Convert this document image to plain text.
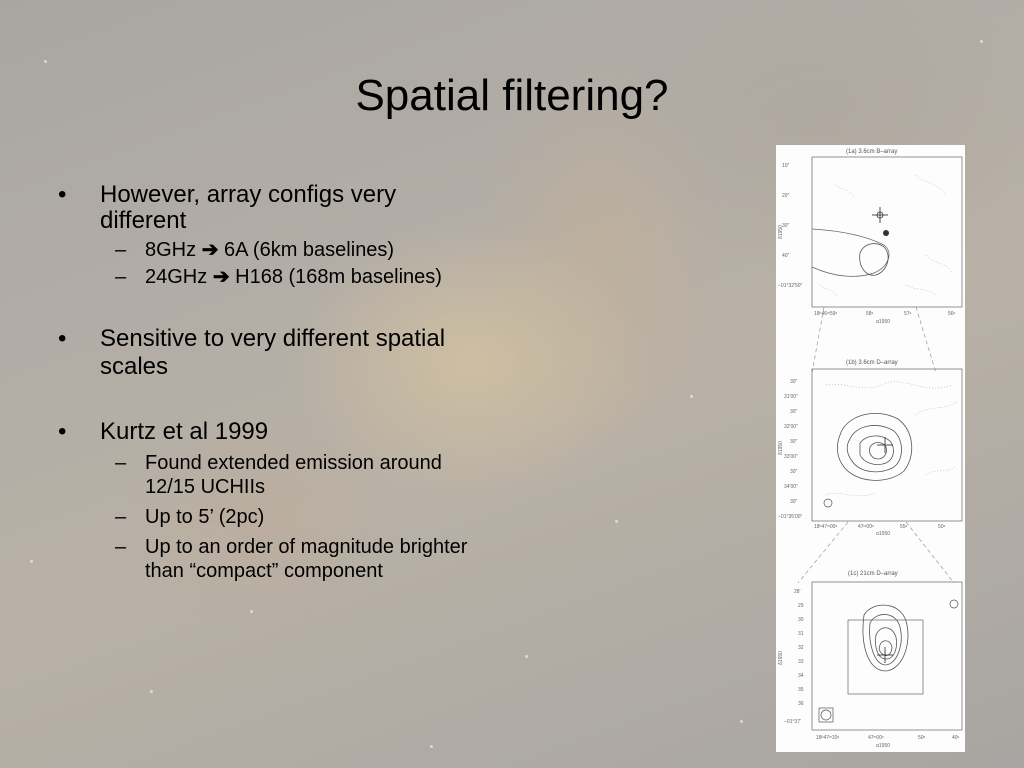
Spatial filtering?
•	However, array configs very different
– 8GHz ➔ 6A (6km baselines)
– 24GHz ➔ H168 (168m baselines)
•	Sensitive to very different spatial scales
•	Kurtz et al 1999
– Found extended emission around 12/15 UCHIIs
– Up to 5’ (2pc)
– Up to an order of magnitude brighter than “compact” component
(1a) 3.6cm B–array
10″
20″
30″
40″
−01°32′50″
δ1950
18ʰ46ᵐ59ˢ	58ˢ	57ˢ	56ˢ
α1950
(1b) 3.6cm D–array
30″
31′00″
30″
32′00″
30″
33′00″
30″
34′00″
30″
−01°35′00″
δ1950
18ʰ47ᵐ00ˢ	47ᵐ00ˢ	55ˢ	50ˢ
α1950
(1c) 21cm D–array
28′
29
30
31
32
33
34
35
36
−01°37′
δ1950
18ʰ47ᵐ10ˢ	47ᵐ00ˢ	50ˢ	40ˢ
α1950
